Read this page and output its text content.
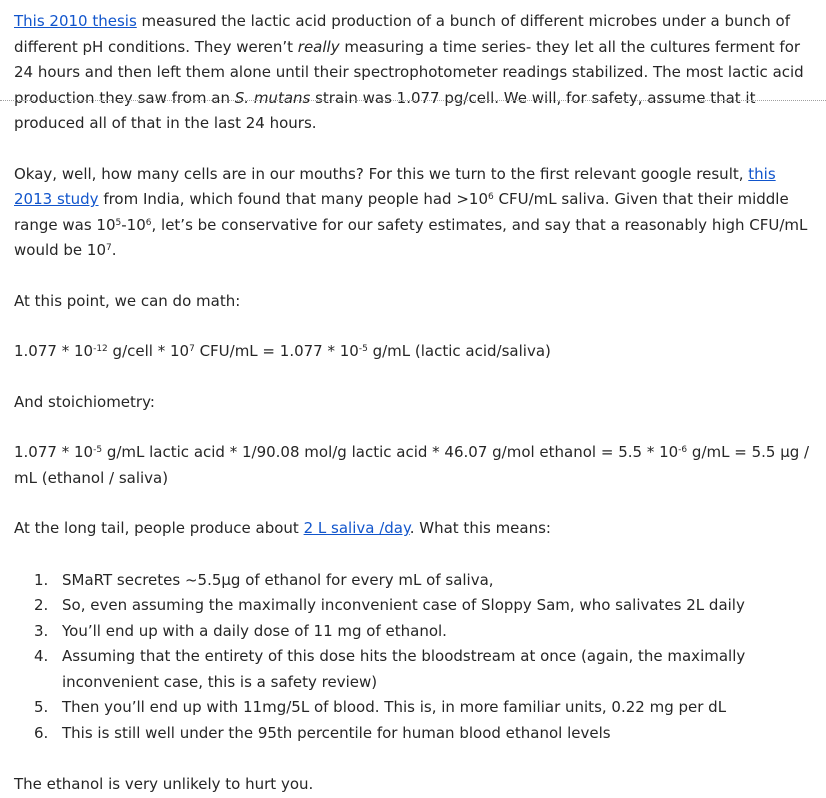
This 2010 thesis measured the lactic acid production of a bunch of different microbes under a bunch of different pH conditions. They weren’t really measuring a time series- they let all the cultures ferment for 24 hours and then left them alone until their spectrophotometer readings stabilized. The most lactic acid production they saw from an S. mutans strain was 1.077 pg/cell. We will, for safety, assume that it produced all of that in the last 24 hours.

Okay, well, how many cells are in our mouths? For this we turn to the first relevant google result, this 2013 study from India, which found that many people had $>10^6$ CFU/mL saliva. Given that their middle range was $10^5-10^6$, let’s be conservative for our safety estimates, and say that a reasonably high CFU/mL would be $10^7$.

At this point, we can do math:

$1.077 * 10^{-12}$ g/cell * $10^7$ $CFU/mL = 1.077 * 10^{-5}$ g/mL (lactic acid/saliva)

And stoichiometry:

$1.077 * 10^{-5}$ g/mL lactic acid * 1/90.08 mol/g lactic acid * 46.07 g/mol ethanol = $5.5 * 10^{-6}$ g/mL = 5.5 µg / mL (ethanol / saliva)

At the long tail, people produce about 2 L saliva /day. What this means:

1. SMaRT secretes ~5.5µg of ethanol for every mL of saliva,
2. So, even assuming the maximally inconvenient case of Sloppy Sam, who salivates 2L daily
3. You’ll end up with a daily dose of 11 mg of ethanol.
4. Assuming that the entirety of this dose hits the bloodstream at once (again, the maximally inconvenient case, this is a safety review)
5. Then you’ll end up with 11mg/5L of blood. This is, in more familiar units, 0.22 mg per dL
6. This is still well under the 95th percentile for human blood ethanol levels

The ethanol is very unlikely to hurt you.
